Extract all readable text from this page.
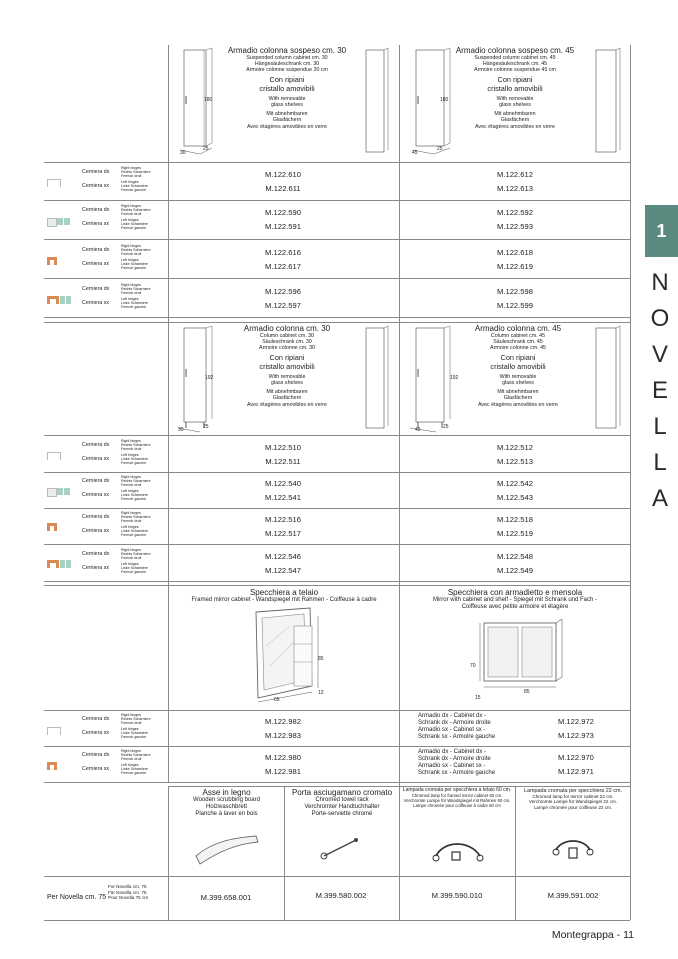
1
N
O
V
E
L
L
A
180
30
25
Armadio colonna sospeso cm. 30
Suspended column cabinet cm. 30
Hängesäuleschrank cm. 30
Armoire colonne suspendue 30 cm
Con ripiani
cristallo amovibili
With removable
glass shelves
Mit abnehmbaren
Glasfächern
Avec étagères amovibles en verre
180
45
25
Armadio colonna sospeso cm. 45
Suspended column cabinet cm. 45
Hängesäuleschrank cm. 45
Armoire colonne suspendue 45 cm
Con ripiani
cristallo amovibili
With removable
glass shelves
Mit abnehmbaren
Glasfächern
Avec étagères amovibles en verre
Right hinges
Rechts Scharniere
Fermoir droit
Cerniera dx	M.122.610	M.122.612
Left hinges
Linke Scharniere
Fermoir gauche
Cerniera sx	M.122.611	M.122.613
Right hinges
Rechts Scharniere
Fermoir droit
Cerniera dx	M.122.590	M.122.592
Left hinges
Linke Scharniere
Fermoir gauche
Cerniera sx	M.122.591	M.122.593
Right hinges
Rechts Scharniere
Fermoir droit
Cerniera dx	M.122.616	M.122.618
Left hinges
Linke Scharniere
Fermoir gauche
Cerniera sx	M.122.617	M.122.619
Right hinges
Rechts Scharniere
Fermoir droit
Cerniera dx	M.122.596	M.122.598
Left hinges
Linke Scharniere
Fermoir gauche
Cerniera sx	M.122.597	M.122.599
Right hinges
Rechts Scharniere
Fermoir droit
Cerniera dx	M.122.510	M.122.512
Left hinges
Linke Scharniere
Fermoir gauche
Cerniera sx	M.122.511	M.122.513
Right hinges
Rechts Scharniere
Fermoir droit
Cerniera dx	M.122.540	M.122.542
Left hinges
Linke Scharniere
Fermoir gauche
Cerniera sx	M.122.541	M.122.543
Right hinges
Rechts Scharniere
Fermoir droit
Cerniera dx	M.122.516	M.122.518
Left hinges
Linke Scharniere
Fermoir gauche
Cerniera sx	M.122.517	M.122.519
Right hinges
Rechts Scharniere
Fermoir droit
Cerniera dx	M.122.546	M.122.548
Left hinges
Linke Scharniere
Fermoir gauche
Cerniera sx	M.122.547	M.122.549
192
30	25
Armadio colonna cm. 30
Column cabinet cm. 30
Säuleschrank cm. 30
Armoire colonne cm. 30
Con ripiani
cristallo amovibili
With removable
glass shelves
Mit abnehmbaren
Glasfächern
Avec étagères amovibles en verre
192
45	25
Armadio colonna cm. 45
Column cabinet cm. 45
Säuleschrank cm. 45
Armoire colonne cm. 45
Con ripiani
cristallo amovibili
With removable
glass shelves
Mit abnehmbaren
Glasfächern
Avec étagères amovibles en verre
Specchiera a telaio
Framed mirror cabinet - Wandspiegel mit Rahmen - Coiffeuse à cadre
85
65
12
Specchiera con armadietto e mensola
Mirror with cabinet and shelf - Spiegel mit Schrank und Fach -
Coiffeuse avec petite armoire et étagère
70
85
15
Right hinges
Rechts Scharniere
Fermoir droit
Cerniera dx	M.122.982
Armadio dx - Cabinet dx -
Schrank dx - Armoire droite	M.122.972
Left hinges
Linke Scharniere
Fermoir gauche
Cerniera sx	M.122.983
Armadio sx - Cabinet sx -
Schrank sx - Armoire gauche	M.122.973
Right hinges
Rechts Scharniere
Fermoir droit
Cerniera dx	M.122.980
Armadio dx - Cabinet dx -
Schrank dx - Armoire droite	M.122.970
Left hinges
Linke Scharniere
Fermoir gauche
Cerniera sx	M.122.981
Armadio sx - Cabinet sx -
Schrank sx - Armoire gauche	M.122.971
Asse in legno
Wooden scrubbing board
Holzwaschbrett
Planche à laver en bois
Porta asciugamano cromato
Chromed towel rack
Verchromter Handtuchhalter
Porte-serviette chromé
Lampada cromata per specchiera a telaio 60 cm.
Chromed lamp for framed mirror cabinet 60 cm.
Verchromte Lampe für Wandspiegel mit Rahmen 60 cm.
Lampe chromée pour coiffeuse à cadre 60 cm
Lampada cromata per specchiera 22 cm.
Chromed lamp for mirror cabinet 22 cm.
Verchromte Lampe für Wandspiegel 22 cm.
Lampe chromée pour coiffeuse 22 cm.
Per Novella cm. 75
For Novella cm. 75
Für Novella cm. 75
Pour Novella 75 cm	M.399.658.001	M.399.580.002	M.399.590.010	M.399.591.002
Montegrappa - 11
